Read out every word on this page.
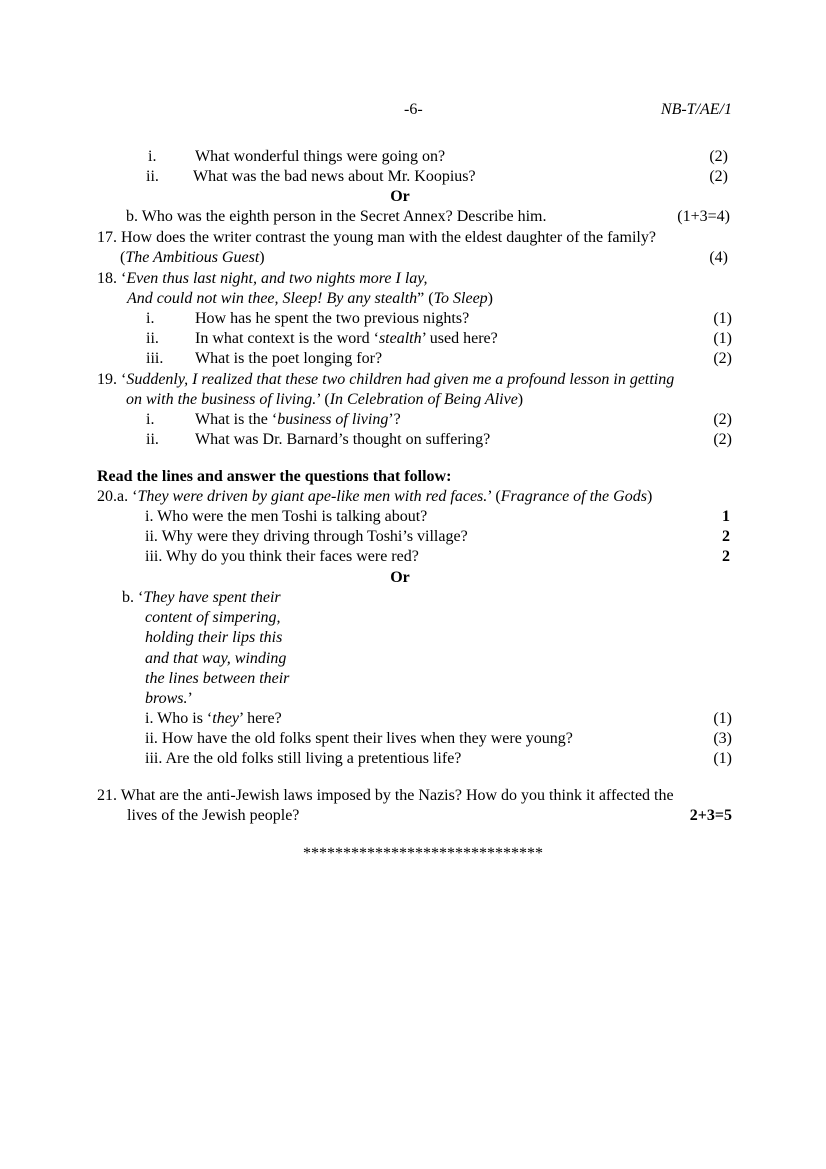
-6-	NB-T/AE/1
i. What wonderful things were going on?	(2)
ii. What was the bad news about Mr. Koopius?	(2)
Or
b. Who was the eighth person in the Secret Annex? Describe him.	(1+3=4)
17. How does the writer contrast the young man with the eldest daughter of the family?
(The Ambitious Guest)	(4)
18. ‘Even thus last night, and two nights more I lay,
And could not win thee, Sleep! By any stealth” (To Sleep)
i.	How has he spent the two previous nights?	(1)
ii. In what context is the word ‘stealth’ used here?	(1)
iii. What is the poet longing for?	(2)
19. ‘Suddenly, I realized that these two children had given me a profound lesson in getting
on with the business of living.’ (In Celebration of Being Alive)
i.	What is the ‘business of living’?	(2)
ii. What was Dr. Barnard’s thought on suffering?	(2)
Read the lines and answer the questions that follow:
20.a. ‘They were driven by giant ape-like men with red faces.’ (Fragrance of the Gods)
i. Who were the men Toshi is talking about?	1
ii. Why were they driving through Toshi’s village?	2
iii. Why do you think their faces were red?	2
Or
b. ‘They have spent their
content of simpering,
holding their lips this
and that way, winding
the lines between their
brows.’
i. Who is ‘they’ here?	(1)
ii. How have the old folks spent their lives when they were young?	(3)
iii. Are the old folks still living a pretentious life?	(1)
21. What are the anti-Jewish laws imposed by the Nazis? How do you think it affected the
lives of the Jewish people?	2+3=5
******************************
